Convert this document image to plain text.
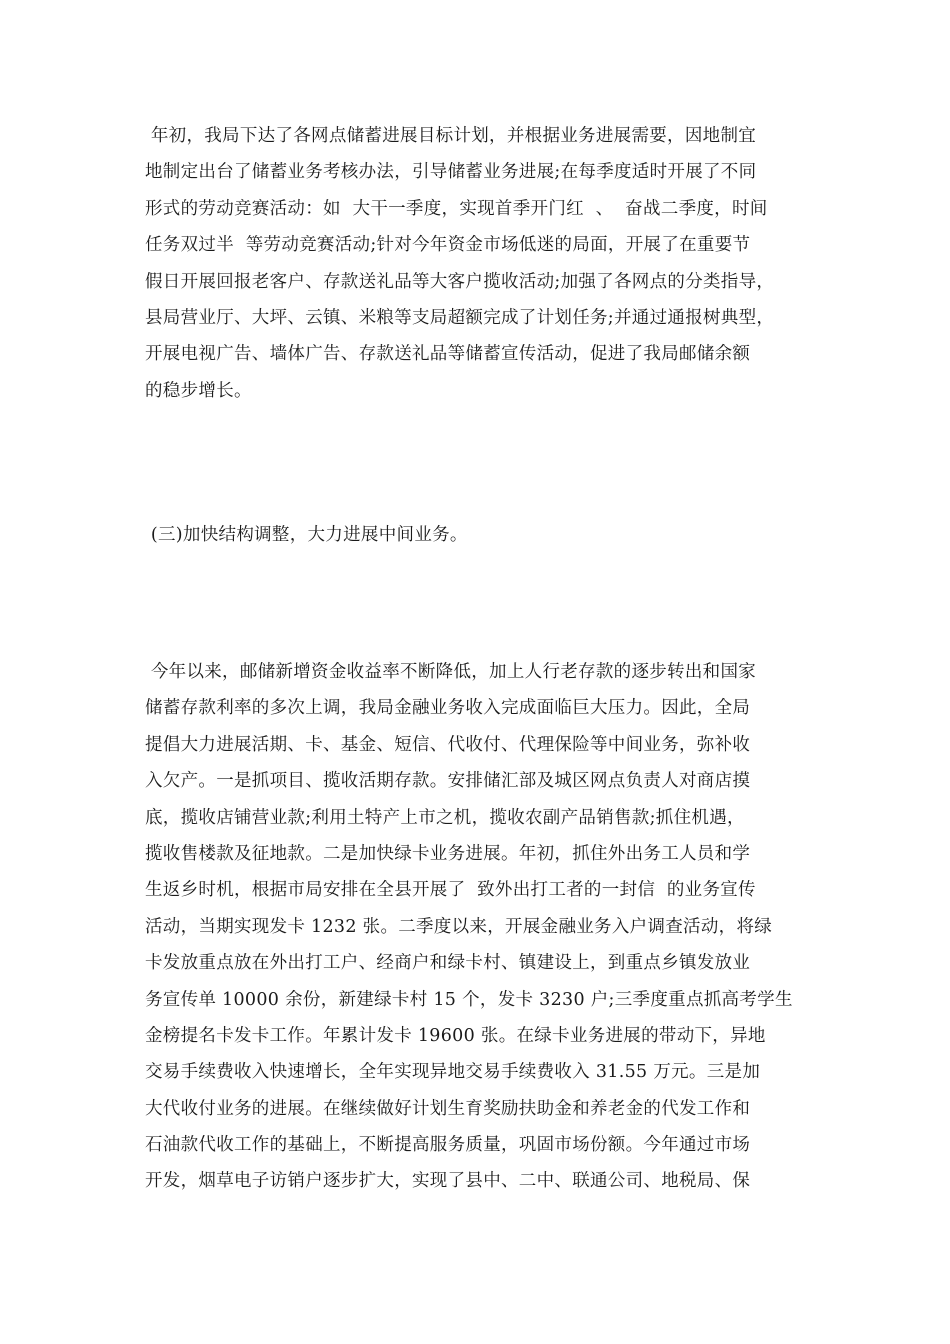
年初，我局下达了各网点储蓄进展目标计划，并根据业务进展需要，因地制宜
地制定出台了储蓄业务考核办法，引导储蓄业务进展;在每季度适时开展了不同
形式的劳动竞赛活动：如  大干一季度，实现首季开门红  、  奋战二季度，时间
任务双过半  等劳动竞赛活动;针对今年资金市场低迷的局面，开展了在重要节
假日开展回报老客户、存款送礼品等大客户揽收活动;加强了各网点的分类指导，
县局营业厅、大坪、云镇、米粮等支局超额完成了计划任务;并通过通报树典型，
开展电视广告、墙体广告、存款送礼品等储蓄宣传活动，促进了我局邮储余额
的稳步增长。
(三)加快结构调整，大力进展中间业务。
今年以来，邮储新增资金收益率不断降低，加上人行老存款的逐步转出和国家
储蓄存款利率的多次上调，我局金融业务收入完成面临巨大压力。因此，全局
提倡大力进展活期、卡、基金、短信、代收付、代理保险等中间业务，弥补收
入欠产。一是抓项目、揽收活期存款。安排储汇部及城区网点负责人对商店摸
底，揽收店铺营业款;利用土特产上市之机，揽收农副产品销售款;抓住机遇，
揽收售楼款及征地款。二是加快绿卡业务进展。年初，抓住外出务工人员和学
生返乡时机，根据市局安排在全县开展了  致外出打工者的一封信  的业务宣传
活动，当期实现发卡 1232 张。二季度以来，开展金融业务入户调查活动，将绿
卡发放重点放在外出打工户、经商户和绿卡村、镇建设上，到重点乡镇发放业
务宣传单 10000 余份，新建绿卡村 15 个，发卡 3230 户;三季度重点抓高考学生
金榜提名卡发卡工作。年累计发卡 19600 张。在绿卡业务进展的带动下，异地
交易手续费收入快速增长，全年实现异地交易手续费收入 31.55 万元。三是加
大代收付业务的进展。在继续做好计划生育奖励扶助金和养老金的代发工作和
石油款代收工作的基础上，不断提高服务质量，巩固市场份额。今年通过市场
开发，烟草电子访销户逐步扩大，实现了县中、二中、联通公司、地税局、保
